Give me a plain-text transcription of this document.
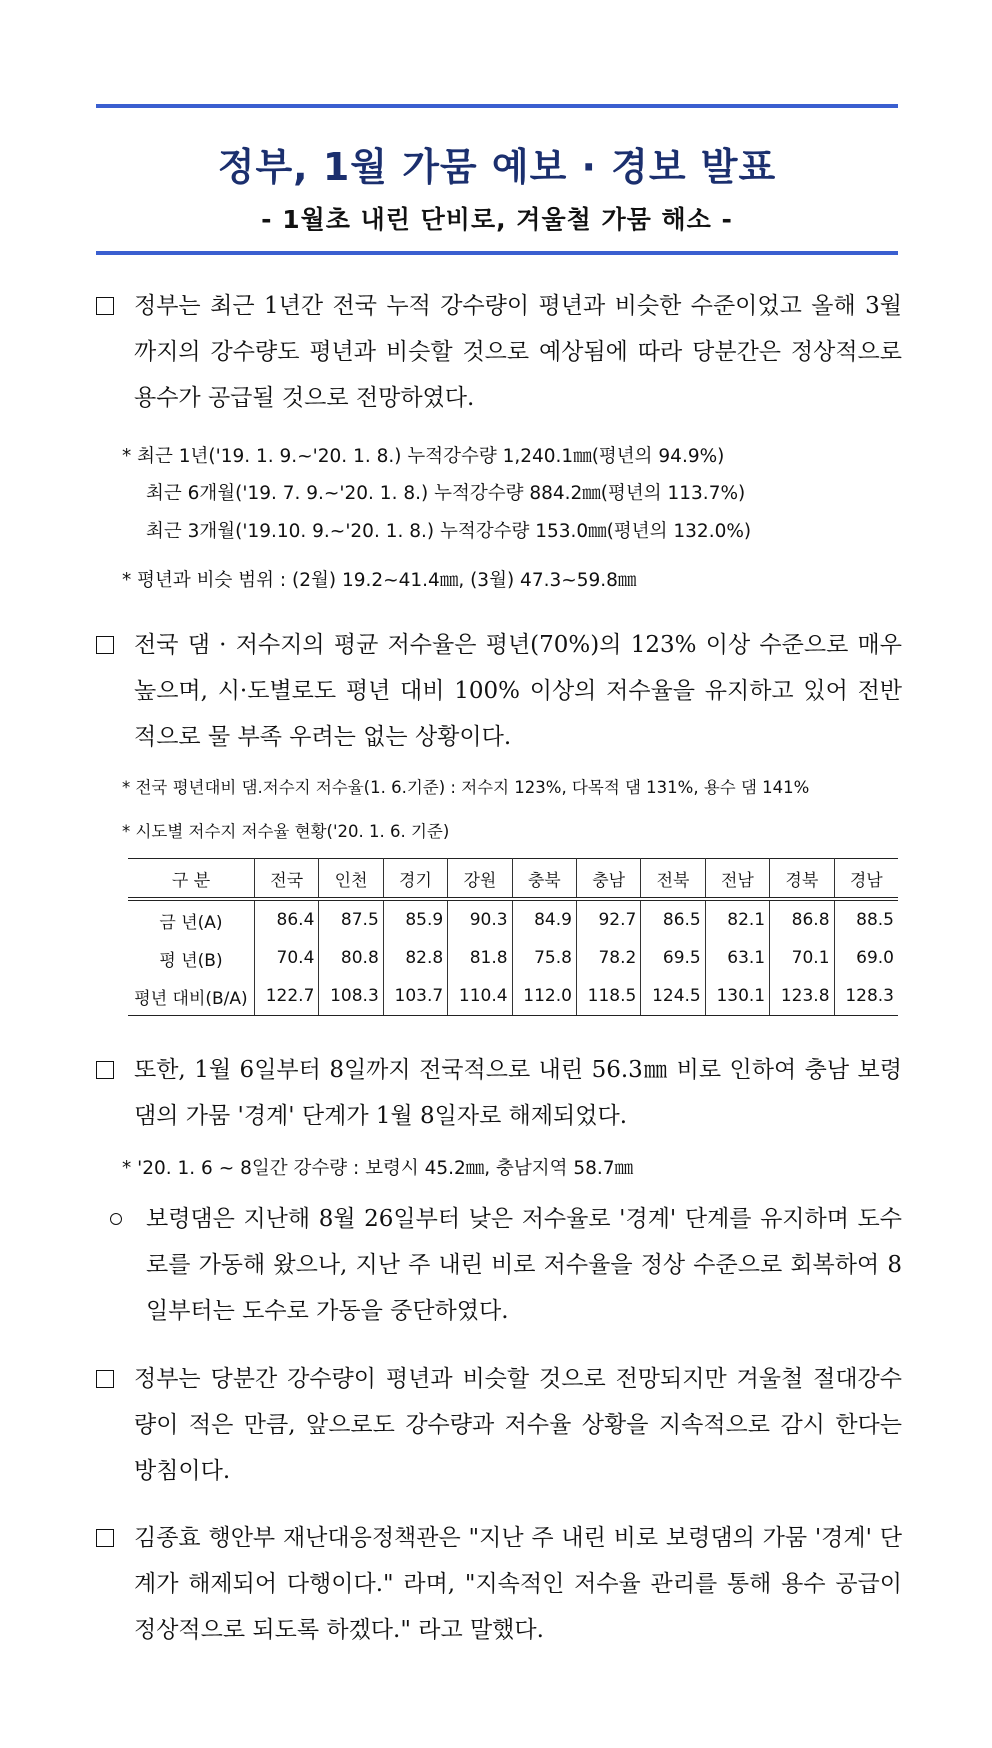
정부, 1월 가뭄 예보 · 경보 발표
- 1월초 내린 단비로, 겨울철 가뭄 해소 -
정부는 최근 1년간 전국 누적 강수량이 평년과 비슷한 수준이었고 올해 3월까지의 강수량도 평년과 비슷할 것으로 예상됨에 따라 당분간은 정상적으로 용수가 공급될 것으로 전망하였다.
* 최근 1년('19. 1. 9.~'20. 1. 8.) 누적강수량 1,240.1㎜(평년의 94.9%)
최근 6개월('19. 7. 9.~'20. 1. 8.) 누적강수량 884.2㎜(평년의 113.7%)
최근 3개월('19.10. 9.~'20. 1. 8.) 누적강수량 153.0㎜(평년의 132.0%)
* 평년과 비슷 범위 : (2월) 19.2~41.4㎜, (3월) 47.3~59.8㎜
전국 댐 · 저수지의 평균 저수율은 평년(70%)의 123% 이상 수준으로 매우 높으며, 시·도별로도 평년 대비 100% 이상의 저수율을 유지하고 있어 전반적으로 물 부족 우려는 없는 상황이다.
* 전국 평년대비 댐.저수지 저수율(1. 6.기준) : 저수지 123%, 다목적 댐 131%, 용수 댐 141%
* 시도별 저수지 저수율 현황('20. 1. 6. 기준)
구 분	전국	인천	경기	강원	충북	충남	전북	전남	경북	경남
금 년(A)	86.4	87.5	85.9	90.3	84.9	92.7	86.5	82.1	86.8	88.5
평 년(B)	70.4	80.8	82.8	81.8	75.8	78.2	69.5	63.1	70.1	69.0
평년 대비(B/A)	122.7	108.3	103.7	110.4	112.0	118.5	124.5	130.1	123.8	128.3
또한, 1월 6일부터 8일까지 전국적으로 내린 56.3㎜ 비로 인하여 충남 보령댐의 가뭄 '경계' 단계가 1월 8일자로 해제되었다.
* '20. 1. 6 ~ 8일간 강수량 : 보령시 45.2㎜, 충남지역 58.7㎜
보령댐은 지난해 8월 26일부터 낮은 저수율로 '경계' 단계를 유지하며 도수로를 가동해 왔으나, 지난 주 내린 비로 저수율을 정상 수준으로 회복하여 8일부터는 도수로 가동을 중단하였다.
정부는 당분간 강수량이 평년과 비슷할 것으로 전망되지만 겨울철 절대강수량이 적은 만큼, 앞으로도 강수량과 저수율 상황을 지속적으로 감시 한다는 방침이다.
김종효 행안부 재난대응정책관은 "지난 주 내린 비로 보령댐의 가뭄 '경계' 단계가 해제되어 다행이다." 라며, "지속적인 저수율 관리를 통해 용수 공급이 정상적으로 되도록 하겠다." 라고 말했다.
